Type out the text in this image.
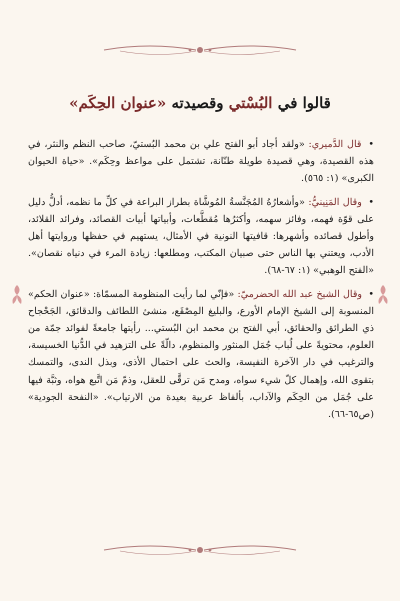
قالوا في البُسْتي وقصيدته «عنوان الحِكَم»

• قال الدَّميري: «ولقد أجاد أبو الفتح علي بن محمد البُستيّ، صاحب النظم والنثر، في هذه القصيدة، وهي قصيدة طويلة طنّانة، تشتمل على مواعظ وحِكَم». «حياة الحيوان الكبرى» (١: ٥٦٥).

• وقال المَنِينيُّ: «وأشعارُهُ المُجَنَّسةُ المُوشَّاة بطراز البراعة في كلِّ ما نظمه، أدلُّ دليل على قوّة فهمه، وفائز سهمه، وأكثرُها مُقطَّعات، وأبياتها أبيات القصائد، وفرائد القلائد، وأطول قصائده وأشهرها: قافيتها النونية في الأمثال، يستهيم في حفظها وروايتها أهل الأدب، ويعتني بها الناس حتى صبيان المكتب، ومطلعها: زيادة المرء في دنياه نقصان». «الفتح الوهبي» (١: ٦٧-٦٨).

• وقال الشيخ عبد الله الحضرميّ: «فإنّي لما رأيت المنظومة المسمّاة: «عنوان الحكم» المنسوبة إلى الشيخ الإمام الأورع، والبليغ المِصْقَع، منشئ اللطائف والدقائق، الجَحْجاح ذي الطرائق والحقائق، أبي الفتح بن محمد ابن البُستي... رأيتها جامعةً لفوائد جمّة من العلوم، محتويةً على لُباب جُمَل المنثور والمنظوم، دالّةً على التزهيد في الدُّنيا الخسيسة، والترغيب في دار الآخرة النفيسة، والحث على احتمال الأذى، وبذل الندى، والتمسك بتقوى الله، وإهمال كلّ شيء سواه، ومدح مَن ترقَّى للعقل، وذمّ مَن اتَّبع هواه، وثبَّة فيها على جُمَل من الحِكَم والآداب، بألفاظ عربية بعيدة من الارتياب». «النفحة الجودية» (ص٦٥-٦٦).
